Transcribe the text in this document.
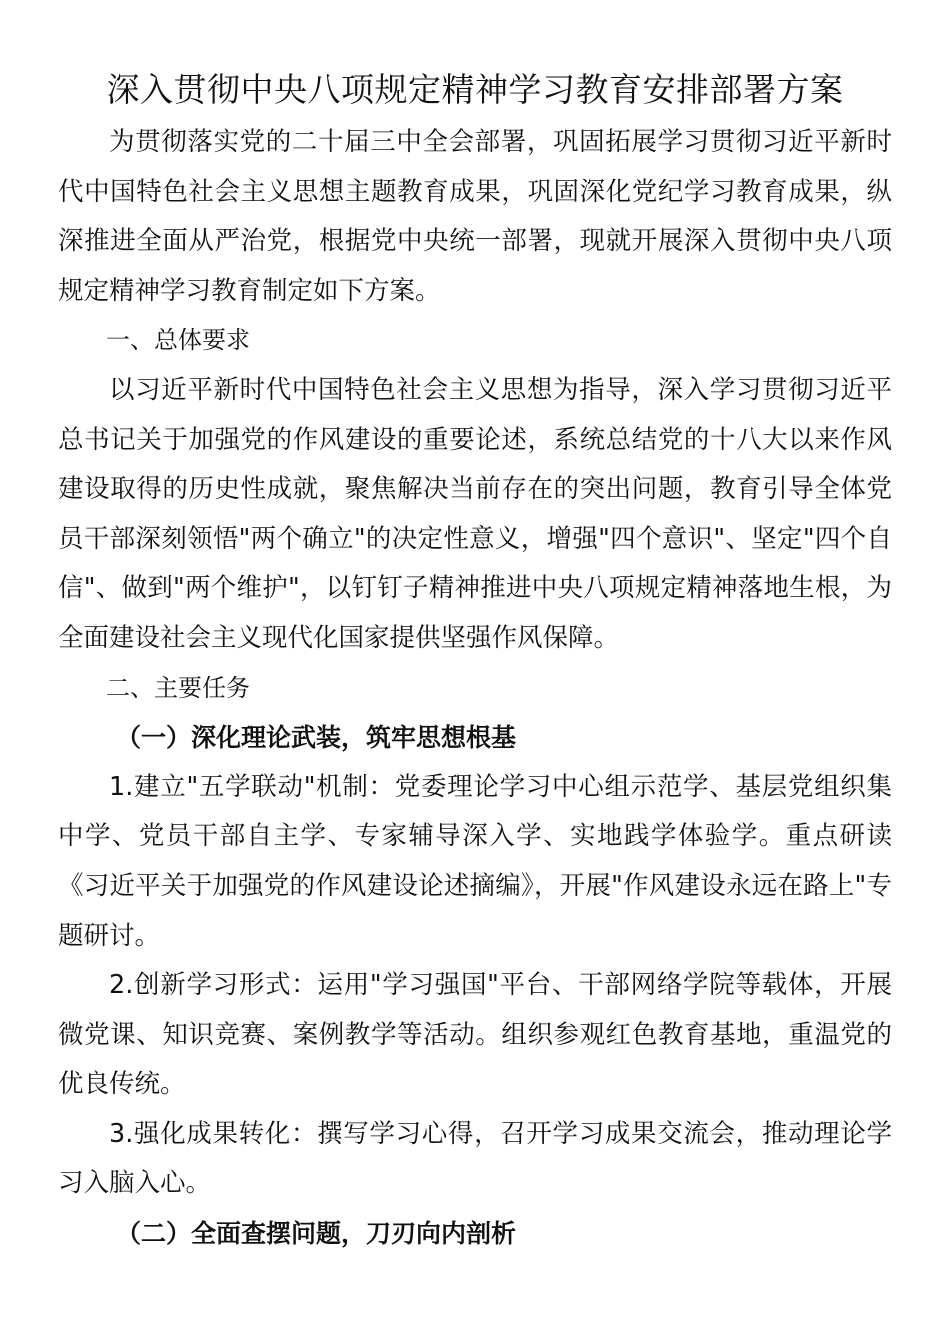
深入贯彻中央八项规定精神学习教育安排部署方案

为贯彻落实党的二十届三中全会部署，巩固拓展学习贯彻习近平新时代中国特色社会主义思想主题教育成果，巩固深化党纪学习教育成果，纵深推进全面从严治党，根据党中央统一部署，现就开展深入贯彻中央八项规定精神学习教育制定如下方案。

一、总体要求

以习近平新时代中国特色社会主义思想为指导，深入学习贯彻习近平总书记关于加强党的作风建设的重要论述，系统总结党的十八大以来作风建设取得的历史性成就，聚焦解决当前存在的突出问题，教育引导全体党员干部深刻领悟"两个确立"的决定性意义，增强"四个意识"、坚定"四个自信"、做到"两个维护"，以钉钉子精神推进中央八项规定精神落地生根，为全面建设社会主义现代化国家提供坚强作风保障。

二、主要任务

（一）深化理论武装，筑牢思想根基

1.建立"五学联动"机制：党委理论学习中心组示范学、基层党组织集中学、党员干部自主学、专家辅导深入学、实地践学体验学。重点研读《习近平关于加强党的作风建设论述摘编》，开展"作风建设永远在路上"专题研讨。

2.创新学习形式：运用"学习强国"平台、干部网络学院等载体，开展微党课、知识竞赛、案例教学等活动。组织参观红色教育基地，重温党的优良传统。

3.强化成果转化：撰写学习心得，召开学习成果交流会，推动理论学习入脑入心。

（二）全面查摆问题，刀刃向内剖析
